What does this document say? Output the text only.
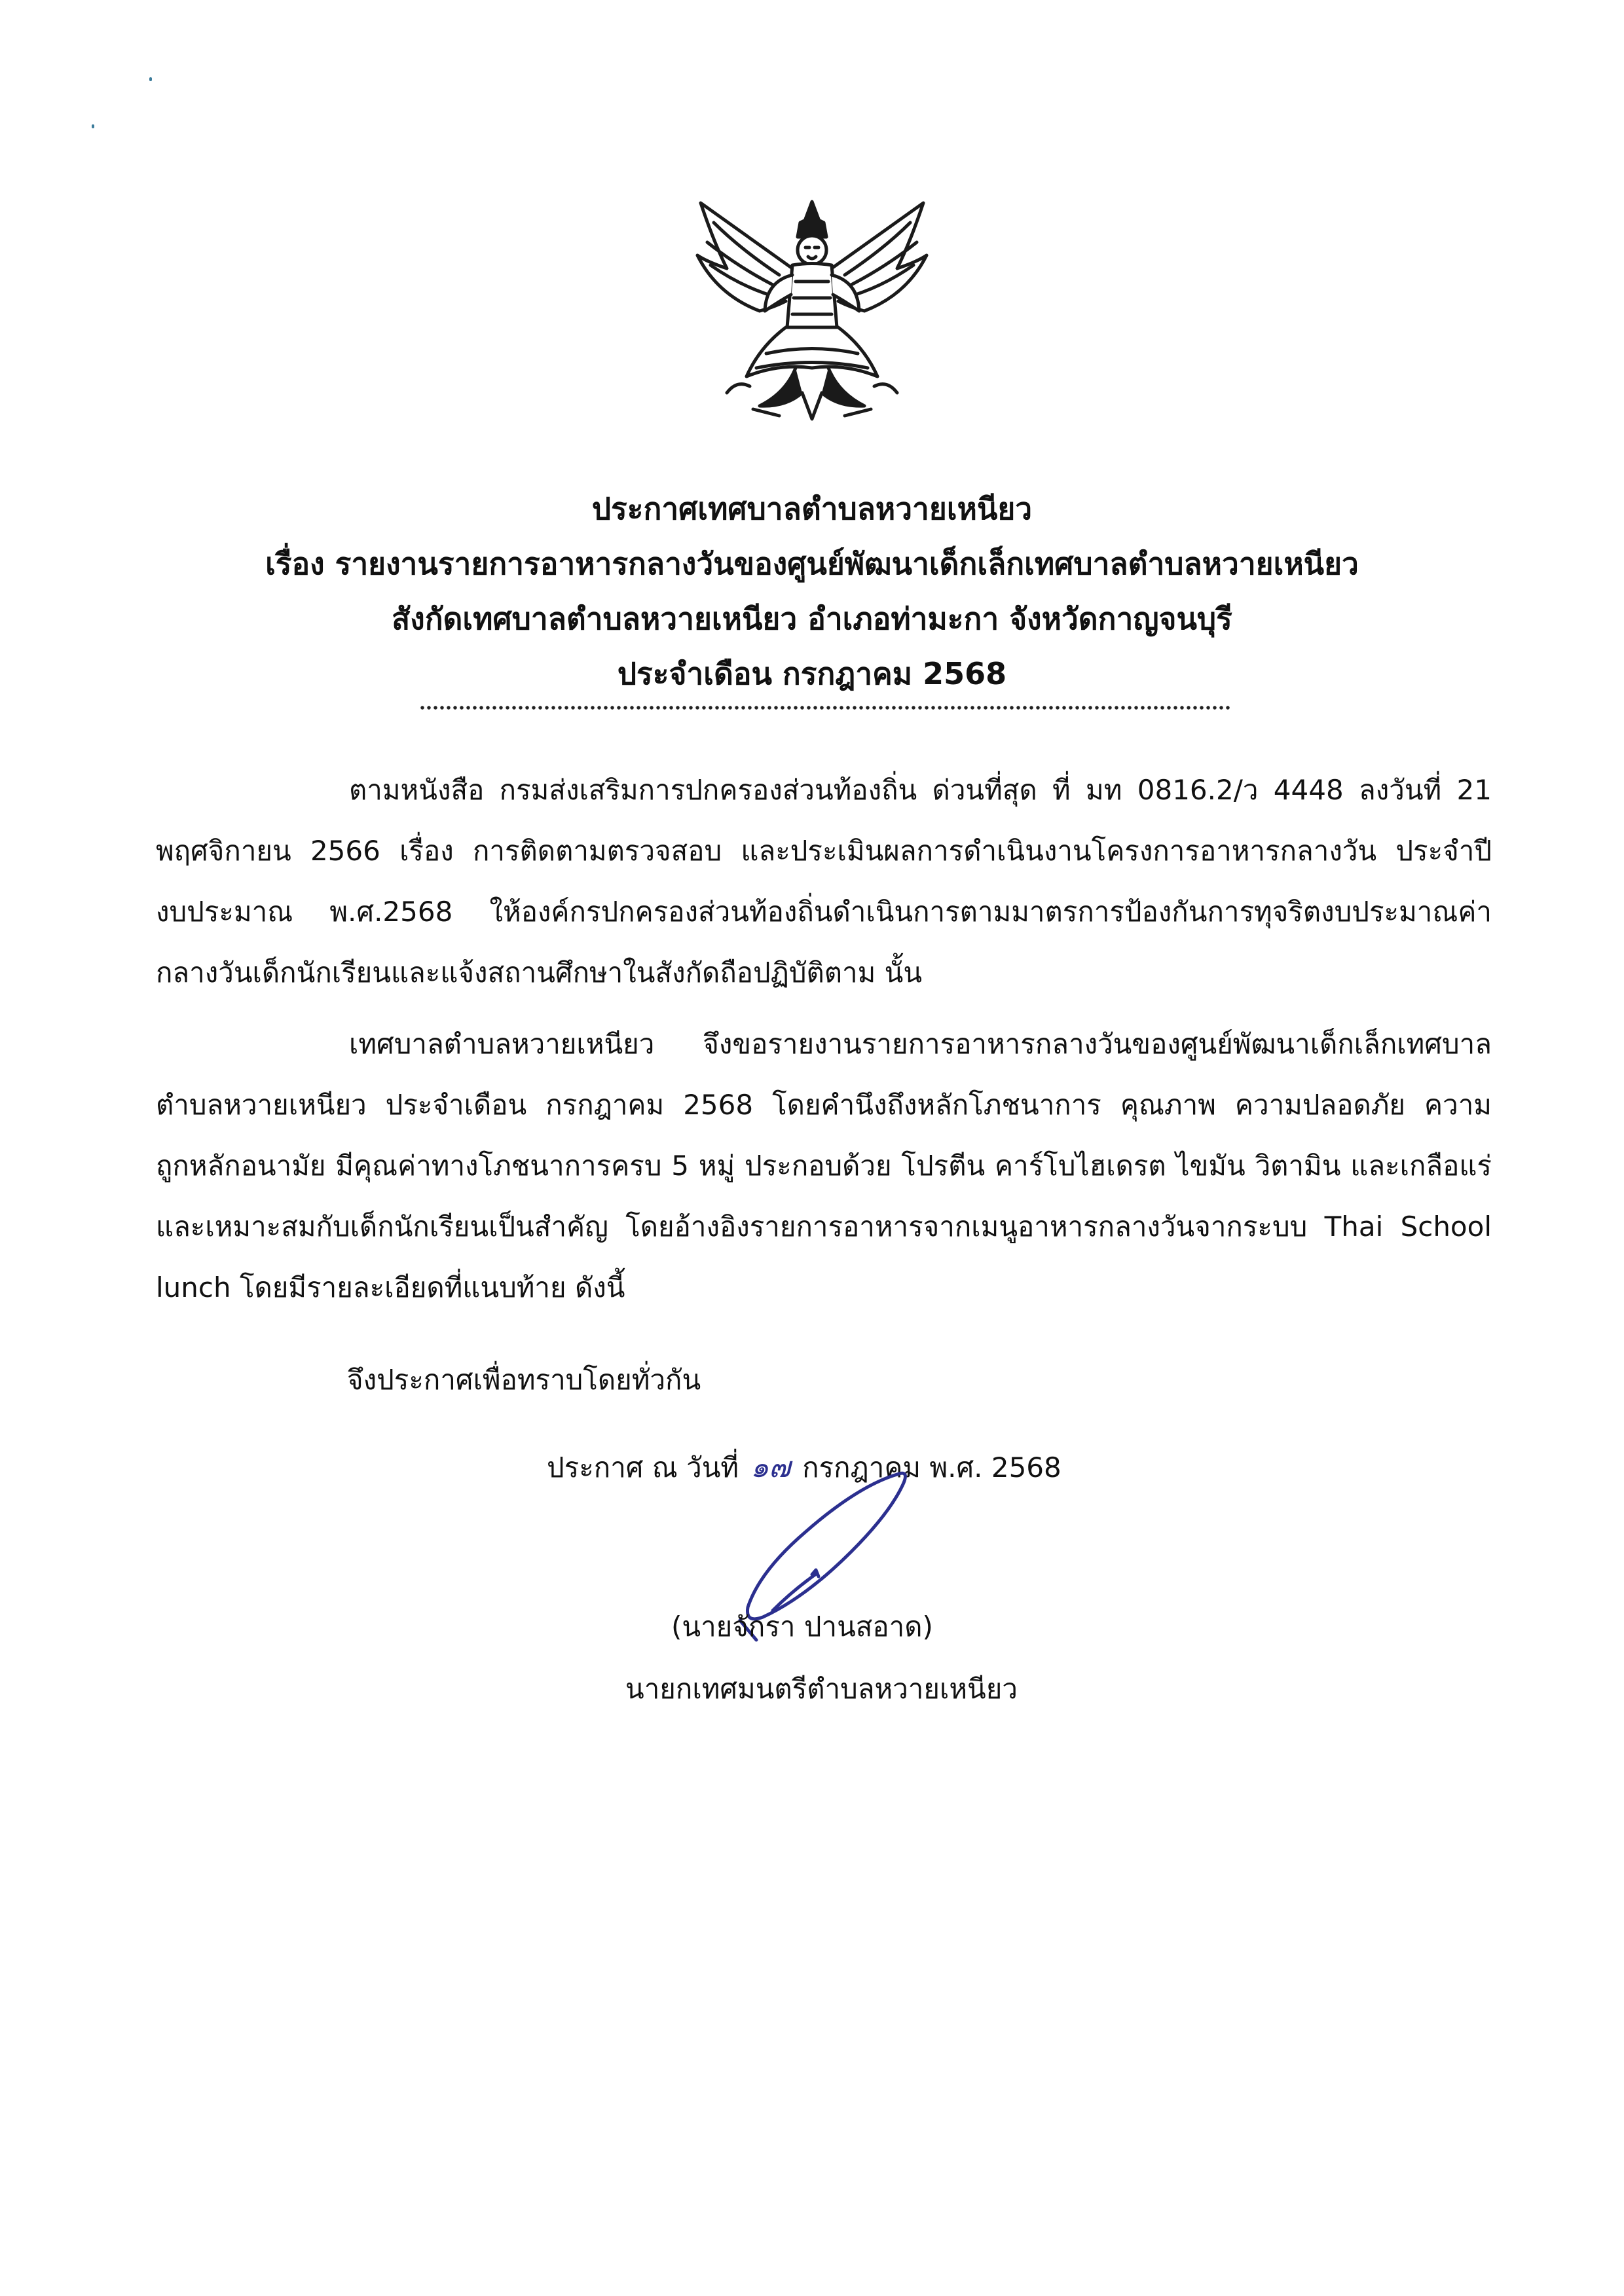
ประกาศเทศบาลตำบลหวายเหนียว
เรื่อง รายงานรายการอาหารกลางวันของศูนย์พัฒนาเด็กเล็กเทศบาลตำบลหวายเหนียว
สังกัดเทศบาลตำบลหวายเหนียว อำเภอท่ามะกา จังหวัดกาญจนบุรี
ประจำเดือน กรกฎาคม 2568
ตามหนังสือ กรมส่งเสริมการปกครองส่วนท้องถิ่น ด่วนที่สุด ที่ มท 0816.2/ว 4448 ลงวันที่ 21
พฤศจิกายน 2566 เรื่อง การติดตามตรวจสอบ และประเมินผลการดำเนินงานโครงการอาหารกลางวัน ประจำปี
งบประมาณ พ.ศ.2568 ให้องค์กรปกครองส่วนท้องถิ่นดำเนินการตามมาตรการป้องกันการทุจริตงบประมาณค่า
กลางวันเด็กนักเรียนและแจ้งสถานศึกษาในสังกัดถือปฏิบัติตาม นั้น
เทศบาลตำบลหวายเหนียว จึงขอรายงานรายการอาหารกลางวันของศูนย์พัฒนาเด็กเล็กเทศบาล
ตำบลหวายเหนียว ประจำเดือน กรกฎาคม 2568 โดยคำนึงถึงหลักโภชนาการ คุณภาพ ความปลอดภัย ความ
ถูกหลักอนามัย มีคุณค่าทางโภชนาการครบ 5 หมู่ ประกอบด้วย โปรตีน คาร์โบไฮเดรต ไขมัน วิตามิน และเกลือแร่
และเหมาะสมกับเด็กนักเรียนเป็นสำคัญ โดยอ้างอิงรายการอาหารจากเมนูอาหารกลางวันจากระบบ Thai School
lunch โดยมีรายละเอียดที่แนบท้าย ดังนี้
จึงประกาศเพื่อทราบโดยทั่วกัน
ประกาศ ณ วันที่ ๑๗ กรกฎาคม พ.ศ. 2568
(นายจักรา ปานสอาด)
นายกเทศมนตรีตำบลหวายเหนียว
